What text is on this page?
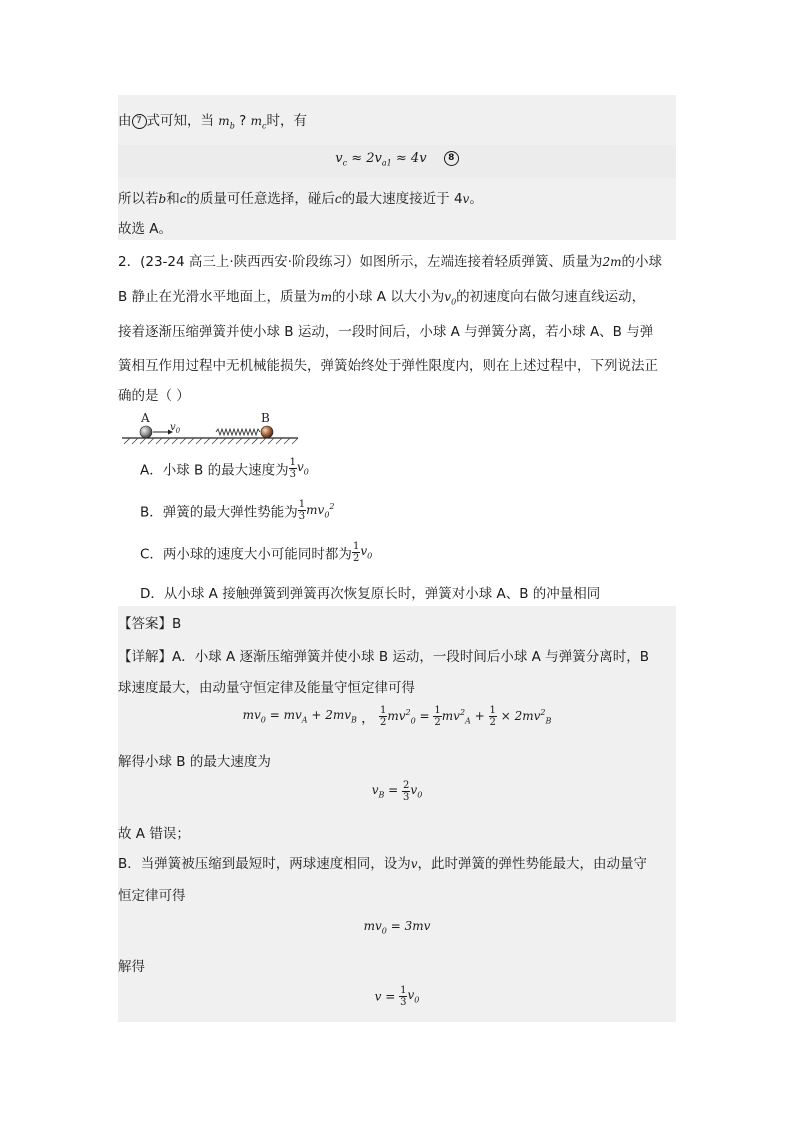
由 7 式可知，当 $m_b$ ? $m_c$时，有
$v_c \approx 2v_{a1} \approx 4v$ 8
所以若b和c的质量可任意选择，碰后c的最大速度接近于 4v。
故选 A。
2．(23-24 高三上·陕西西安·阶段练习）如图所示，左端连接着轻质弹簧、质量为2m的小球
B 静止在光滑水平地面上，质量为m的小球 A 以大小为$v_0$的初速度向右做匀速直线运动，
接着逐渐压缩弹簧并使小球 B 运动，一段时间后，小球 A 与弹簧分离，若小球 A、B 与弹
簧相互作用过程中无机械能损失，弹簧始终处于弹性限度内，则在上述过程中，下列说法正
确的是（ ）
A
$v_0$
B
A．小球 B 的最大速度为 $\frac{1}{3} v_0$
B．弹簧的最大弹性势能为 $\frac{1}{3} mv_0^2$
C．两小球的速度大小可能同时都为 $\frac{1}{2} v_0$
D．从小球 A 接触弹簧到弹簧再次恢复原长时，弹簧对小球 A、B 的冲量相同
【答案】B
【详解】A．小球 A 逐渐压缩弹簧并使小球 B 运动，一段时间后小球 A 与弹簧分离时，B
球速度最大，由动量守恒定律及能量守恒定律可得
$mv_0 = mv_A + 2mv_B$ ， $\frac{1}{2} mv^2_0 = \frac{1}{2} mv^2_A + \frac{1}{2} \times 2mv^2_B$
解得小球 B 的最大速度为
$v_B = \frac{2}{3} v_0$
故 A 错误；
B．当弹簧被压缩到最短时，两球速度相同，设为v，此时弹簧的弹性势能最大，由动量守
恒定律可得
$mv_0 = 3mv$
解得
$v = \frac{1}{3} v_0$
